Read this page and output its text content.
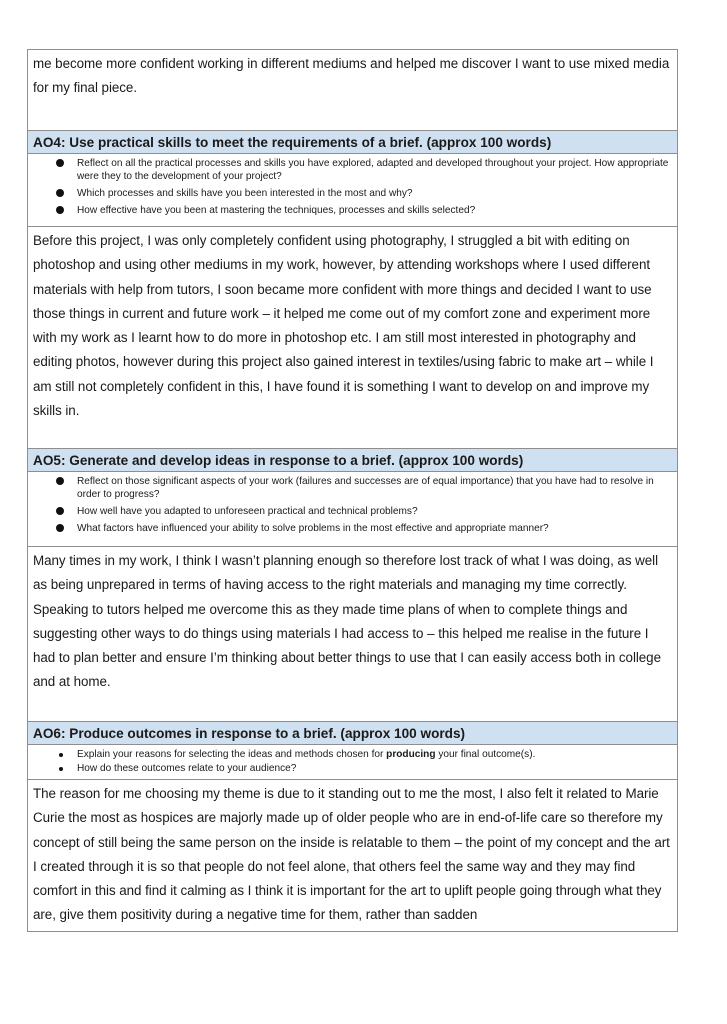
me become more confident working in different mediums and helped me discover I want to use mixed media for my final piece.
AO4: Use practical skills to meet the requirements of a brief. (approx 100 words)
Reflect on all the practical processes and skills you have explored, adapted and developed throughout your project. How appropriate were they to the development of your project?
Which processes and skills have you been interested in the most and why?
How effective have you been at mastering the techniques, processes and skills selected?
Before this project, I was only completely confident using photography, I struggled a bit with editing on photoshop and using other mediums in my work, however, by attending workshops where I used different materials with help from tutors, I soon became more confident with more things and decided I want to use those things in current and future work – it helped me come out of my comfort zone and experiment more with my work as I learnt how to do more in photoshop etc. I am still most interested in photography and editing photos, however during this project also gained interest in textiles/using fabric to make art – while I am still not completely confident in this, I have found it is something I want to develop on and improve my skills in.
AO5: Generate and develop ideas in response to a brief. (approx 100 words)
Reflect on those significant aspects of your work (failures and successes are of equal importance) that you have had to resolve in order to progress?
How well have you adapted to unforeseen practical and technical problems?
What factors have influenced your ability to solve problems in the most effective and appropriate manner?
Many times in my work, I think I wasn’t planning enough so therefore lost track of what I was doing, as well as being unprepared in terms of having access to the right materials and managing my time correctly. Speaking to tutors helped me overcome this as they made time plans of when to complete things and suggesting other ways to do things using materials I had access to – this helped me realise in the future I had to plan better and ensure I’m thinking about better things to use that I can easily access both in college and at home.
AO6: Produce outcomes in response to a brief. (approx 100 words)
Explain your reasons for selecting the ideas and methods chosen for producing your final outcome(s).
How do these outcomes relate to your audience?
The reason for me choosing my theme is due to it standing out to me the most, I also felt it related to Marie Curie the most as hospices are majorly made up of older people who are in end-of-life care so therefore my concept of still being the same person on the inside is relatable to them – the point of my concept and the art I created through it is so that people do not feel alone, that others feel the same way and they may find comfort in this and find it calming as I think it is important for the art to uplift people going through what they are, give them positivity during a negative time for them, rather than sadden
